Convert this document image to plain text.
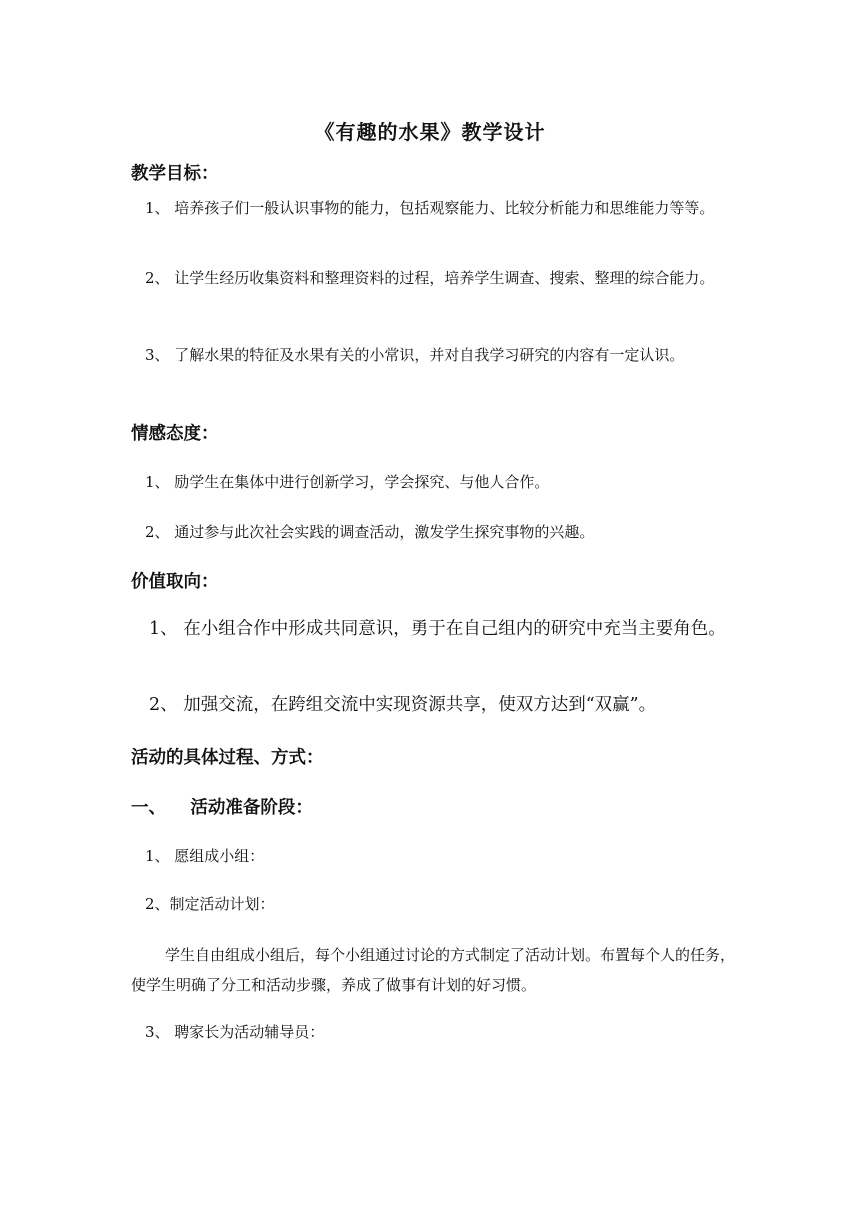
《有趣的水果》教学设计
教学目标：
1、 培养孩子们一般认识事物的能力，包括观察能力、比较分析能力和思维能力等等。
2、 让学生经历收集资料和整理资料的过程，培养学生调查、搜索、整理的综合能力。
3、 了解水果的特征及水果有关的小常识，并对自我学习研究的内容有一定认识。
情感态度：
1、 励学生在集体中进行创新学习，学会探究、与他人合作。
2、 通过参与此次社会实践的调查活动，激发学生探究事物的兴趣。
价值取向：
1、 在小组合作中形成共同意识，勇于在自己组内的研究中充当主要角色。
2、 加强交流，在跨组交流中实现资源共享，使双方达到“双赢”。
活动的具体过程、方式：
一、    活动准备阶段：
1、 愿组成小组：
2、制定活动计划：
学生自由组成小组后，每个小组通过讨论的方式制定了活动计划。布置每个人的任务，使学生明确了分工和活动步骤，养成了做事有计划的好习惯。
3、 聘家长为活动辅导员：
